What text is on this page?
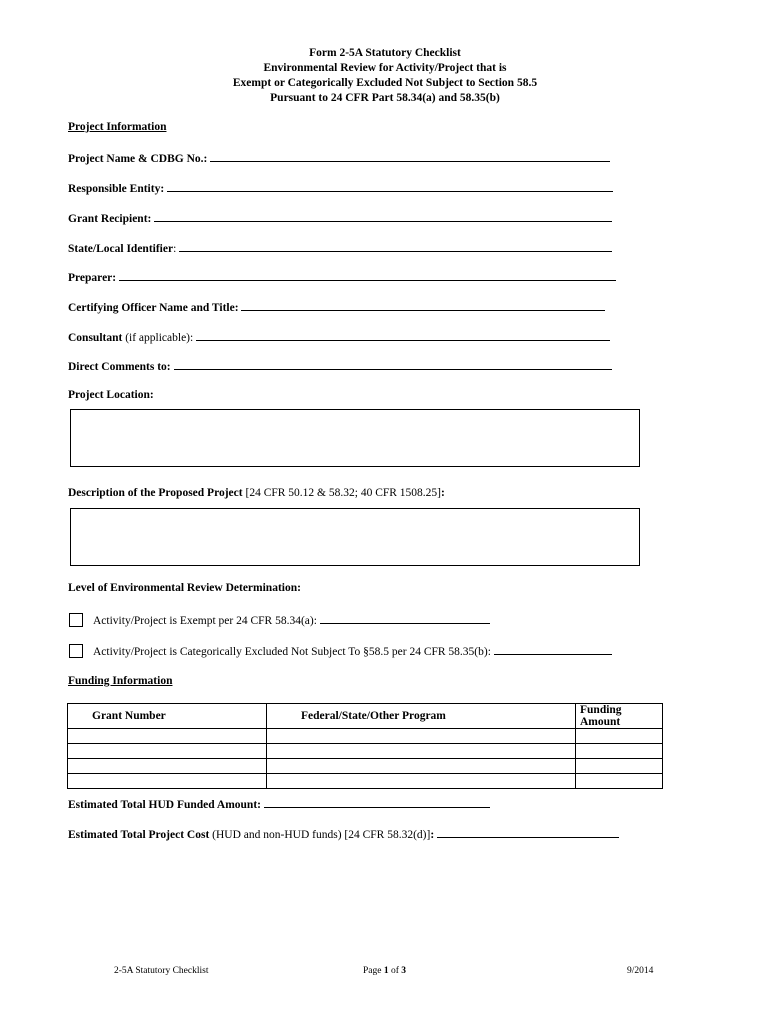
Form 2-5A Statutory Checklist
Environmental Review for Activity/Project that is
Exempt or Categorically Excluded Not Subject to Section 58.5
Pursuant to 24 CFR Part 58.34(a) and 58.35(b)
Project Information
Project Name & CDBG No.:
Responsible Entity:
Grant Recipient:
State/Local Identifier:
Preparer:
Certifying Officer Name and Title:
Consultant (if applicable):
Direct Comments to:
Project Location:
Description of the Proposed Project [24 CFR 50.12 & 58.32; 40 CFR 1508.25]:
Level of Environmental Review Determination:
Activity/Project is Exempt per 24 CFR 58.34(a):
Activity/Project is Categorically Excluded Not Subject To §58.5 per 24 CFR 58.35(b):
Funding Information
Grant Number	Federal/State/Other Program	Funding Amount

Estimated Total HUD Funded Amount:
Estimated Total Project Cost (HUD and non-HUD funds) [24 CFR 58.32(d)]:
2-5A Statutory Checklist	Page 1 of 3	9/2014
